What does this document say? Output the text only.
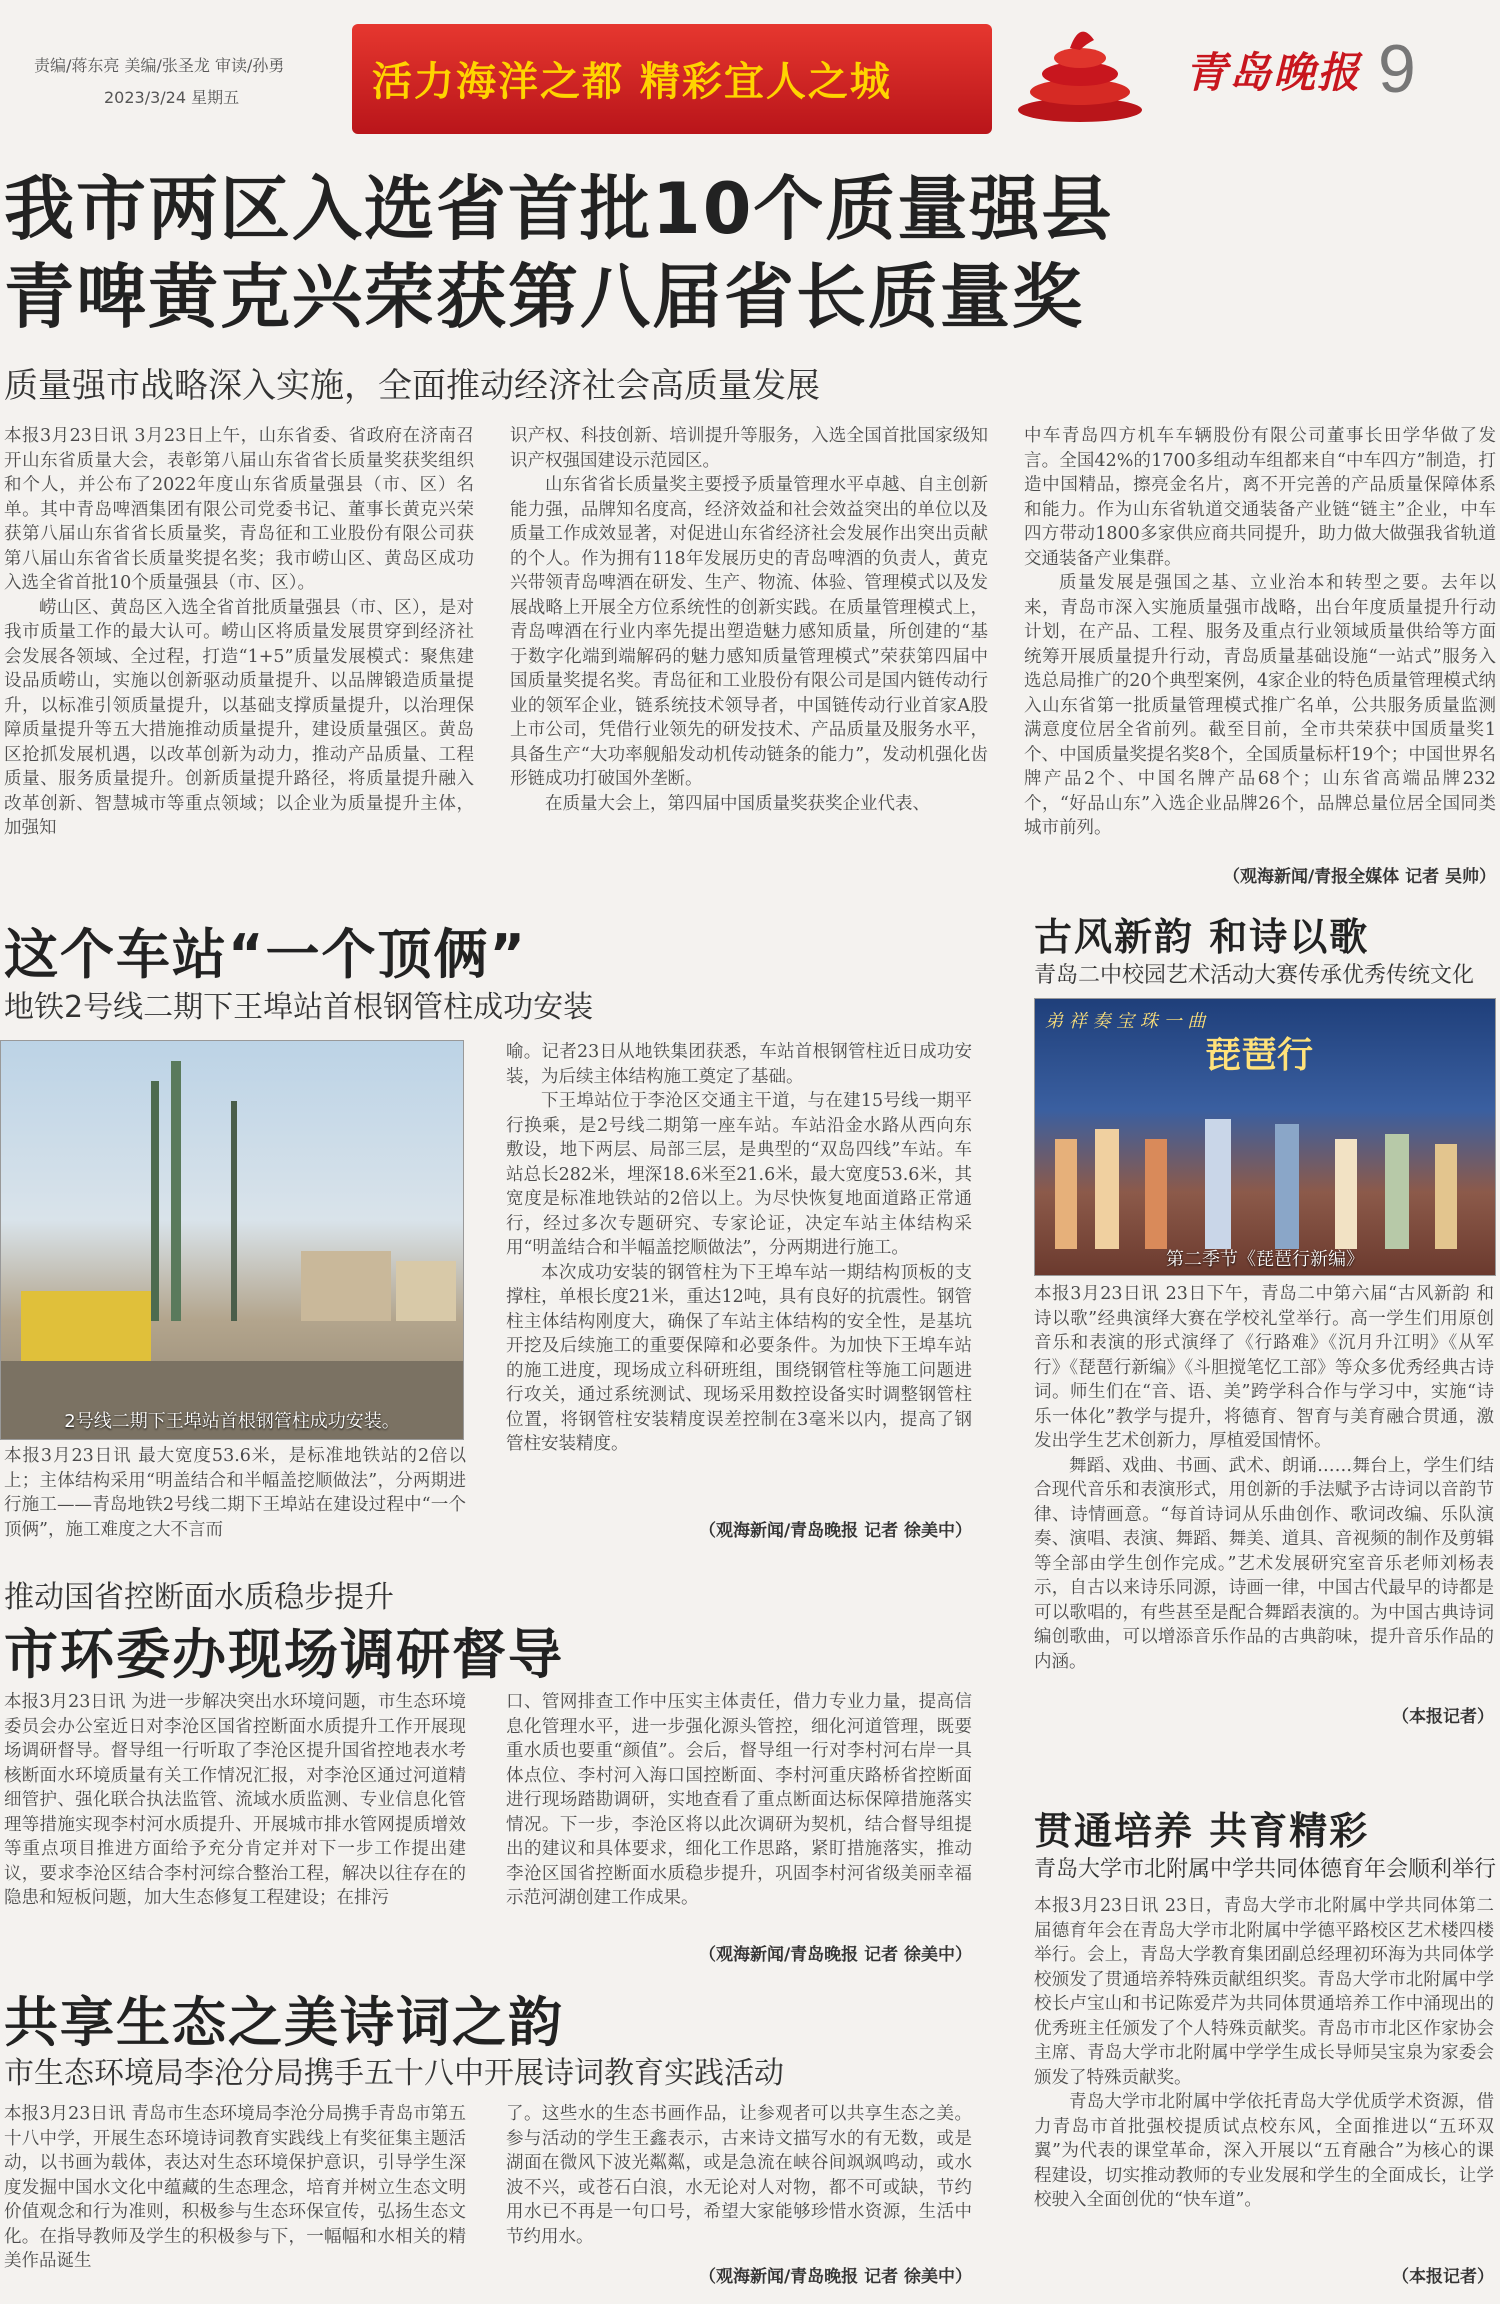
责编/蒋东亮 美编/张圣龙 审读/孙勇
2023/3/24 星期五	活力海洋之都 精彩宜人之城	青岛晚报 9
我市两区入选省首批10个质量强县
青啤黄克兴荣获第八届省长质量奖
质量强市战略深入实施，全面推动经济社会高质量发展

本报3月23日讯 3月23日上午，山东省委、省政府在济南召开山东省质量大会，表彰第八届山东省省长质量奖获奖组织和个人，并公布了2022年度山东省质量强县（市、区）名单。其中青岛啤酒集团有限公司党委书记、董事长黄克兴荣获第八届山东省省长质量奖，青岛征和工业股份有限公司获第八届山东省省长质量奖提名奖；我市崂山区、黄岛区成功入选全省首批10个质量强县（市、区）。

崂山区、黄岛区入选全省首批质量强县（市、区），是对我市质量工作的最大认可。崂山区将质量发展贯穿到经济社会发展各领域、全过程，打造“1+5”质量发展模式：聚焦建设品质崂山，实施以创新驱动质量提升、以品牌锻造质量提升，以标准引领质量提升，以基础支撑质量提升，以治理保障质量提升等五大措施推动质量提升，建设质量强区。黄岛区抢抓发展机遇，以改革创新为动力，推动产品质量、工程质量、服务质量提升。创新质量提升路径，将质量提升融入改革创新、智慧城市等重点领域；以企业为质量提升主体，加强知

识产权、科技创新、培训提升等服务，入选全国首批国家级知识产权强国建设示范园区。

山东省省长质量奖主要授予质量管理水平卓越、自主创新能力强，品牌知名度高，经济效益和社会效益突出的单位以及质量工作成效显著，对促进山东省经济社会发展作出突出贡献的个人。作为拥有118年发展历史的青岛啤酒的负责人，黄克兴带领青岛啤酒在研发、生产、物流、体验、管理模式以及发展战略上开展全方位系统性的创新实践。在质量管理模式上，青岛啤酒在行业内率先提出塑造魅力感知质量，所创建的“基于数字化端到端解码的魅力感知质量管理模式”荣获第四届中国质量奖提名奖。青岛征和工业股份有限公司是国内链传动行业的领军企业，链系统技术领导者，中国链传动行业首家A股上市公司，凭借行业领先的研发技术、产品质量及服务水平，具备生产“大功率舰船发动机传动链条的能力”，发动机强化齿形链成功打破国外垄断。

在质量大会上，第四届中国质量奖获奖企业代表、

中车青岛四方机车车辆股份有限公司董事长田学华做了发言。全国42%的1700多组动车组都来自“中车四方”制造，打造中国精品，擦亮金名片，离不开完善的产品质量保障体系和能力。作为山东省轨道交通装备产业链“链主”企业，中车四方带动1800多家供应商共同提升，助力做大做强我省轨道交通装备产业集群。

质量发展是强国之基、立业治本和转型之要。去年以来，青岛市深入实施质量强市战略，出台年度质量提升行动计划，在产品、工程、服务及重点行业领域质量供给等方面统筹开展质量提升行动，青岛质量基础设施“一站式”服务入选总局推广的20个典型案例，4家企业的特色质量管理模式纳入山东省第一批质量管理模式推广名单，公共服务质量监测满意度位居全省前列。截至目前，全市共荣获中国质量奖1个、中国质量奖提名奖8个，全国质量标杆19个；中国世界名牌产品2个、中国名牌产品68个；山东省高端品牌232个，“好品山东”入选企业品牌26个，品牌总量位居全国同类城市前列。

（观海新闻/青报全媒体 记者 吴帅）
这个车站“一个顶俩”
地铁2号线二期下王埠站首根钢管柱成功安装
2号线二期下王埠站首根钢管柱成功安装。

本报3月23日讯 最大宽度53.6米，是标准地铁站的2倍以上；主体结构采用“明盖结合和半幅盖挖顺做法”，分两期进行施工——青岛地铁2号线二期下王埠站在建设过程中“一个顶俩”，施工难度之大不言而

喻。记者23日从地铁集团获悉，车站首根钢管柱近日成功安装，为后续主体结构施工奠定了基础。

下王埠站位于李沧区交通主干道，与在建15号线一期平行换乘，是2号线二期第一座车站。车站沿金水路从西向东敷设，地下两层、局部三层，是典型的“双岛四线”车站。车站总长282米，埋深18.6米至21.6米，最大宽度53.6米，其宽度是标准地铁站的2倍以上。为尽快恢复地面道路正常通行，经过多次专题研究、专家论证，决定车站主体结构采用“明盖结合和半幅盖挖顺做法”，分两期进行施工。

本次成功安装的钢管柱为下王埠车站一期结构顶板的支撑柱，单根长度21米，重达12吨，具有良好的抗震性。钢管柱主体结构刚度大，确保了车站主体结构的安全性，是基坑开挖及后续施工的重要保障和必要条件。为加快下王埠车站的施工进度，现场成立科研班组，围绕钢管柱等施工问题进行攻关，通过系统测试、现场采用数控设备实时调整钢管柱位置，将钢管柱安装精度误差控制在3毫米以内，提高了钢管柱安装精度。

（观海新闻/青岛晚报 记者 徐美中）
推动国省控断面水质稳步提升
市环委办现场调研督导

本报3月23日讯 为进一步解决突出水环境问题，市生态环境委员会办公室近日对李沧区国省控断面水质提升工作开展现场调研督导。督导组一行听取了李沧区提升国省控地表水考核断面水环境质量有关工作情况汇报，对李沧区通过河道精细管护、强化联合执法监管、流域水质监测、专业信息化管理等措施实现李村河水质提升、开展城市排水管网提质增效等重点项目推进方面给予充分肯定并对下一步工作提出建议，要求李沧区结合李村河综合整治工程，解决以往存在的隐患和短板问题，加大生态修复工程建设；在排污

口、管网排查工作中压实主体责任，借力专业力量，提高信息化管理水平，进一步强化源头管控，细化河道管理，既要重水质也要重“颜值”。会后，督导组一行对李村河右岸一具体点位、李村河入海口国控断面、李村河重庆路桥省控断面进行现场踏勘调研，实地查看了重点断面达标保障措施落实情况。下一步，李沧区将以此次调研为契机，结合督导组提出的建议和具体要求，细化工作思路，紧盯措施落实，推动李沧区国省控断面水质稳步提升，巩固李村河省级美丽幸福示范河湖创建工作成果。

（观海新闻/青岛晚报 记者 徐美中）
共享生态之美诗词之韵
市生态环境局李沧分局携手五十八中开展诗词教育实践活动

本报3月23日讯 青岛市生态环境局李沧分局携手青岛市第五十八中学，开展生态环境诗词教育实践线上有奖征集主题活动，以书画为载体，表达对生态环境保护意识，引导学生深度发掘中国水文化中蕴藏的生态理念，培育并树立生态文明价值观念和行为准则，积极参与生态环保宣传，弘扬生态文化。在指导教师及学生的积极参与下，一幅幅和水相关的精美作品诞生

了。这些水的生态书画作品，让参观者可以共享生态之美。参与活动的学生王鑫表示，古来诗文描写水的有无数，或是湖面在微风下波光粼粼，或是急流在峡谷间飒飒鸣动，或水波不兴，或苍石白浪，水无论对人对物，都不可或缺，节约用水已不再是一句口号，希望大家能够珍惜水资源，生活中节约用水。

（观海新闻/青岛晚报 记者 徐美中）
古风新韵 和诗以歌
青岛二中校园艺术活动大赛传承优秀传统文化
弟 祥 奏 宝 珠 一 曲
琵琶行
第二季节《琵琶行新编》

本报3月23日讯 23日下午，青岛二中第六届“古风新韵 和诗以歌”经典演绎大赛在学校礼堂举行。高一学生们用原创音乐和表演的形式演绎了《行路难》《沉月升江明》《从军行》《琵琶行新编》《斗胆搅笔忆工部》等众多优秀经典古诗词。师生们在“音、语、美”跨学科合作与学习中，实施“诗乐一体化”教学与提升，将德育、智育与美育融合贯通，激发出学生艺术创新力，厚植爱国情怀。

舞蹈、戏曲、书画、武术、朗诵……舞台上，学生们结合现代音乐和表演形式，用创新的手法赋予古诗词以音韵节律、诗情画意。“每首诗词从乐曲创作、歌词改编、乐队演奏、演唱、表演、舞蹈、舞美、道具、音视频的制作及剪辑等全部由学生创作完成。”艺术发展研究室音乐老师刘杨表示，自古以来诗乐同源，诗画一律，中国古代最早的诗都是可以歌唱的，有些甚至是配合舞蹈表演的。为中国古典诗词编创歌曲，可以增添音乐作品的古典韵味，提升音乐作品的内涵。

（本报记者）
贯通培养 共育精彩
青岛大学市北附属中学共同体德育年会顺利举行

本报3月23日讯 23日，青岛大学市北附属中学共同体第二届德育年会在青岛大学市北附属中学德平路校区艺术楼四楼举行。会上，青岛大学教育集团副总经理初环海为共同体学校颁发了贯通培养特殊贡献组织奖。青岛大学市北附属中学校长卢宝山和书记陈爱芹为共同体贯通培养工作中涌现出的优秀班主任颁发了个人特殊贡献奖。青岛市市北区作家协会主席、青岛大学市北附属中学学生成长导师吴宝泉为家委会颁发了特殊贡献奖。

青岛大学市北附属中学依托青岛大学优质学术资源，借力青岛市首批强校提质试点校东风，全面推进以“五环双翼”为代表的课堂革命，深入开展以“五育融合”为核心的课程建设，切实推动教师的专业发展和学生的全面成长，让学校驶入全面创优的“快车道”。

（本报记者）
